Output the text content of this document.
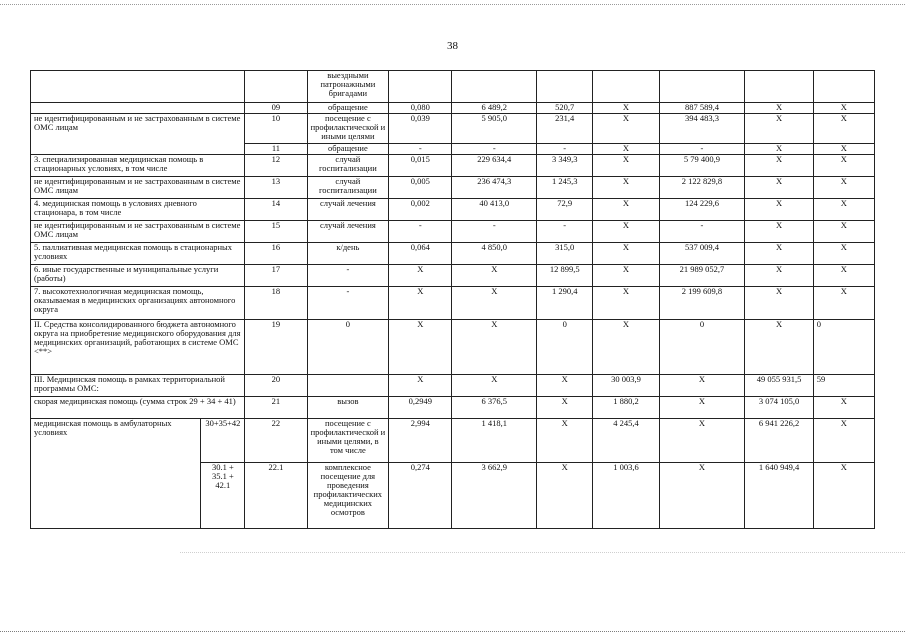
38
			выездными патронажными бригадами							
		09	обращение	0,080	6 489,2	520,7	X	887 589,4	X	X
не идентифицированным и не застрахованным в системе ОМС лицам		10	посещение с профилактической и иными целями	0,039	5 905,0	231,4	X	394 483,3	X	X
		11	обращение	-	-	-	X	-	X	X
3. специализированная медицинская помощь в стационарных условиях, в том числе		12	случай госпитализации	0,015	229 634,4	3 349,3	X	5 79 400,9	X	X
не идентифицированным и не застрахованным в системе ОМС лицам		13	случай госпитализации	0,005	236 474,3	1 245,3	X	2 122 829,8	X	X
4. медицинская помощь в условиях дневного стационара, в том числе		14	случай лечения	0,002	40 413,0	72,9	X	124 229,6	X	X
не идентифицированным и не застрахованным в системе ОМС лицам		15	случай лечения	-	-	-	X	-	X	X
5. паллиативная медицинская помощь в стационарных условиях		16	к/день	0,064	4 850,0	315,0	X	537 009,4	X	X
6. иные государственные и муниципальные услуги (работы)		17	-	X	X	12 899,5	X	21 989 052,7	X	X
7. высокотехнологичная медицинская помощь, оказываемая в медицинских организациях автономного округа		18	-	X	X	1 290,4	X	2 199 609,8	X	X
II. Средства консолидированного бюджета автономного округа на приобретение медицинского оборудования для медицинских организаций, работающих в системе ОМС <**>		19	0	X	X	0	X	0	X	0
III. Медицинская помощь в рамках территориальной программы ОМС:		20		X	X	X	30 003,9	X	49 055 931,5	59
скорая медицинская помощь (сумма строк 29 + 34 + 41)		21	вызов	0,2949	6 376,5	X	1 880,2	X	3 074 105,0	X
медицинская помощь в амбулаторных условиях	30+35+42	22	посещение с профилактической и иными целями, в том числе	2,994	1 418,1	X	4 245,4	X	6 941 226,2	X
	30.1 + 35.1 + 42.1	22.1	комплексное посещение для проведения профилактических медицинских осмотров	0,274	3 662,9	X	1 003,6	X	1 640 949,4	X
